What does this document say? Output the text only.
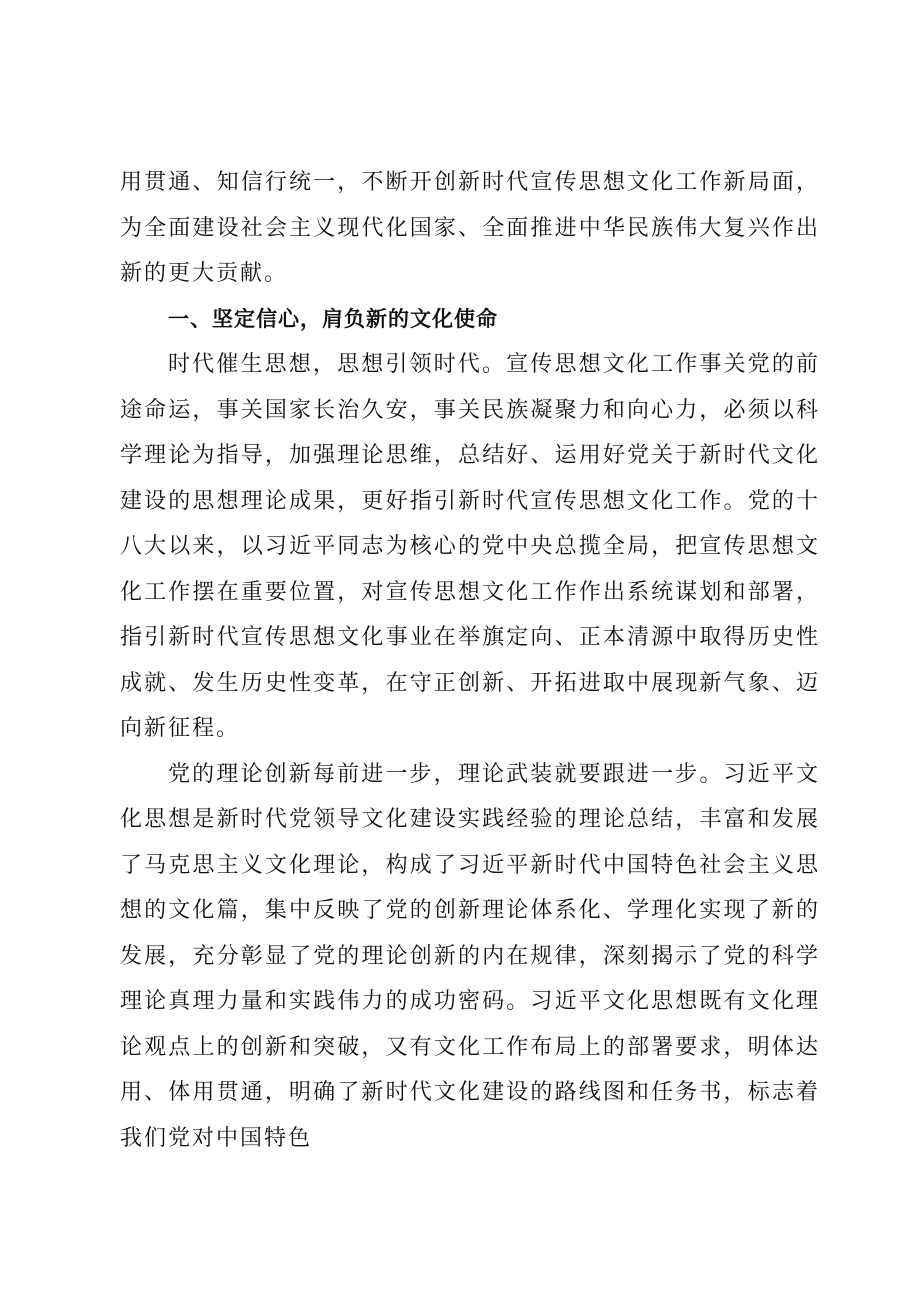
用贯通、知信行统一，不断开创新时代宣传思想文化工作新局面，为全面建设社会主义现代化国家、全面推进中华民族伟大复兴作出新的更大贡献。

一、坚定信心，肩负新的文化使命

时代催生思想，思想引领时代。宣传思想文化工作事关党的前途命运，事关国家长治久安，事关民族凝聚力和向心力，必须以科学理论为指导，加强理论思维，总结好、运用好党关于新时代文化建设的思想理论成果，更好指引新时代宣传思想文化工作。党的十八大以来，以习近平同志为核心的党中央总揽全局，把宣传思想文化工作摆在重要位置，对宣传思想文化工作作出系统谋划和部署，指引新时代宣传思想文化事业在举旗定向、正本清源中取得历史性成就、发生历史性变革，在守正创新、开拓进取中展现新气象、迈向新征程。

党的理论创新每前进一步，理论武装就要跟进一步。习近平文化思想是新时代党领导文化建设实践经验的理论总结，丰富和发展了马克思主义文化理论，构成了习近平新时代中国特色社会主义思想的文化篇，集中反映了党的创新理论体系化、学理化实现了新的发展，充分彰显了党的理论创新的内在规律，深刻揭示了党的科学理论真理力量和实践伟力的成功密码。习近平文化思想既有文化理论观点上的创新和突破，又有文化工作布局上的部署要求，明体达用、体用贯通，明确了新时代文化建设的路线图和任务书，标志着我们党对中国特色
